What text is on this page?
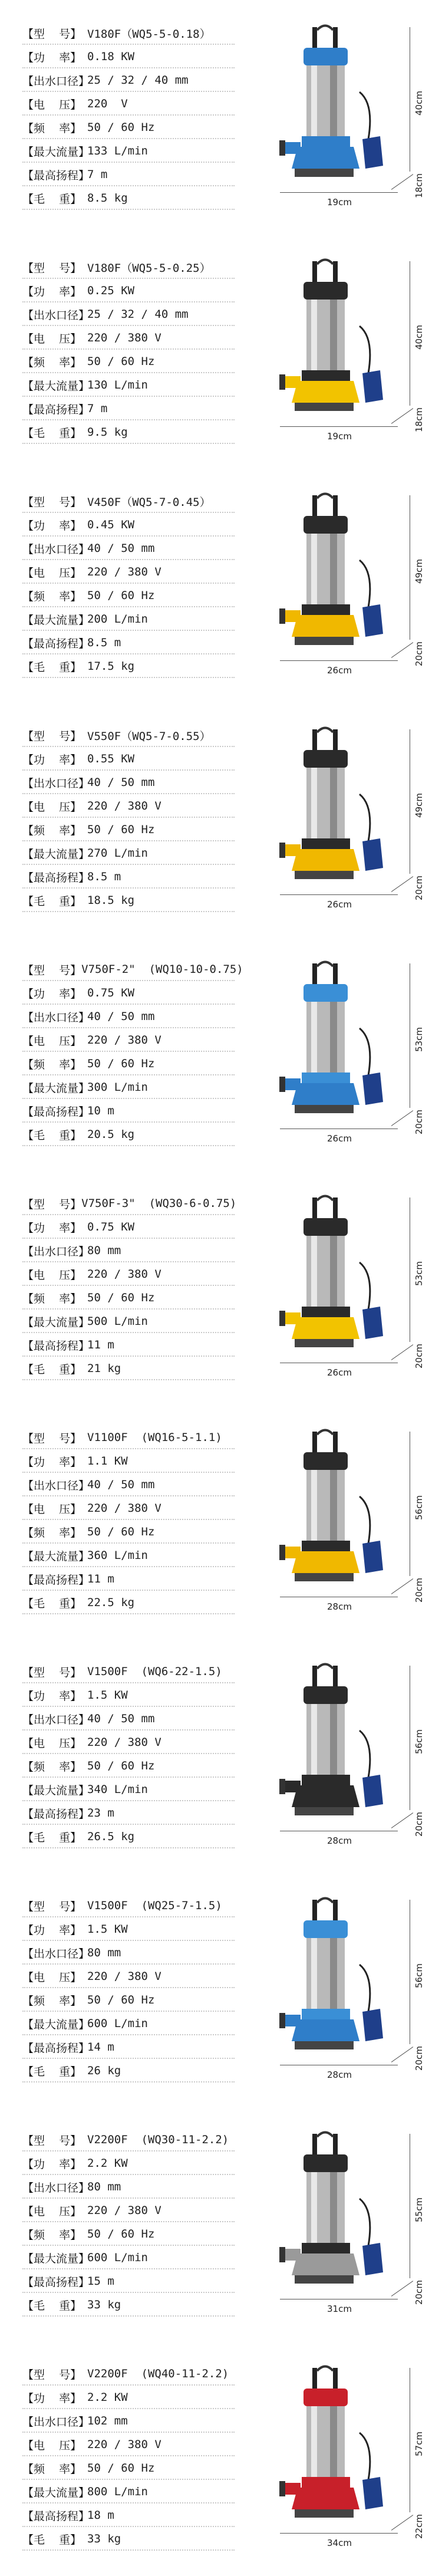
【型    号】 V180F（WQ5-5-0.18）
【功    率】 0.18 KW
【出水口径】
25 / 32 / 40 mm
【电    压】 220  V
【频    率】 50 / 60 Hz
【最大流量】
133 L/min
【最高扬程】
7 m
【毛    重】 8.5 kg	19cm
40cm
18cm
【型    号】 V180F（WQ5-5-0.25）
【功    率】 0.25 KW
【出水口径】
25 / 32 / 40 mm
【电    压】 220 / 380 V
【频    率】 50 / 60 Hz
【最大流量】
130 L/min
【最高扬程】
7 m
【毛    重】 9.5 kg	19cm
40cm
18cm
【型    号】 V450F（WQ5-7-0.45）
【功    率】 0.45 KW
【出水口径】
40 / 50 mm
【电    压】 220 / 380 V
【频    率】 50 / 60 Hz
【最大流量】
200 L/min
【最高扬程】
8.5 m
【毛    重】 17.5 kg	26cm
49cm
20cm
【型    号】 V550F（WQ5-7-0.55）
【功    率】 0.55 KW
【出水口径】
40 / 50 mm
【电    压】 220 / 380 V
【频    率】 50 / 60 Hz
【最大流量】
270 L/min
【最高扬程】
8.5 m
【毛    重】 18.5 kg	26cm
49cm
20cm
【型    号】 V750F-2"  (WQ10-10-0.75)
【功    率】 0.75 KW
【出水口径】
40 / 50 mm
【电    压】 220 / 380 V
【频    率】 50 / 60 Hz
【最大流量】
300 L/min
【最高扬程】
10 m
【毛    重】 20.5 kg	26cm
53cm
20cm
【型    号】 V750F-3"  (WQ30-6-0.75)
【功    率】 0.75 KW
【出水口径】
80 mm
【电    压】 220 / 380 V
【频    率】 50 / 60 Hz
【最大流量】
500 L/min
【最高扬程】
11 m
【毛    重】 21 kg	26cm
53cm
20cm
【型    号】 V1100F  (WQ16-5-1.1)
【功    率】 1.1 KW
【出水口径】
40 / 50 mm
【电    压】 220 / 380 V
【频    率】 50 / 60 Hz
【最大流量】
360 L/min
【最高扬程】
11 m
【毛    重】 22.5 kg	28cm
56cm
20cm
【型    号】 V1500F  (WQ6-22-1.5)
【功    率】 1.5 KW
【出水口径】
40 / 50 mm
【电    压】 220 / 380 V
【频    率】 50 / 60 Hz
【最大流量】
340 L/min
【最高扬程】
23 m
【毛    重】 26.5 kg	28cm
56cm
20cm
【型    号】 V1500F  (WQ25-7-1.5)
【功    率】 1.5 KW
【出水口径】
80 mm
【电    压】 220 / 380 V
【频    率】 50 / 60 Hz
【最大流量】
600 L/min
【最高扬程】
14 m
【毛    重】 26 kg	28cm
56cm
20cm
【型    号】 V2200F  (WQ30-11-2.2)
【功    率】 2.2 KW
【出水口径】
80 mm
【电    压】 220 / 380 V
【频    率】 50 / 60 Hz
【最大流量】
600 L/min
【最高扬程】
15 m
【毛    重】 33 kg	31cm
55cm
20cm
【型    号】 V2200F  (WQ40-11-2.2)
【功    率】 2.2 KW
【出水口径】
102 mm
【电    压】 220 / 380 V
【频    率】 50 / 60 Hz
【最大流量】
800 L/min
【最高扬程】
18 m
【毛    重】 33 kg	34cm
57cm
22cm
